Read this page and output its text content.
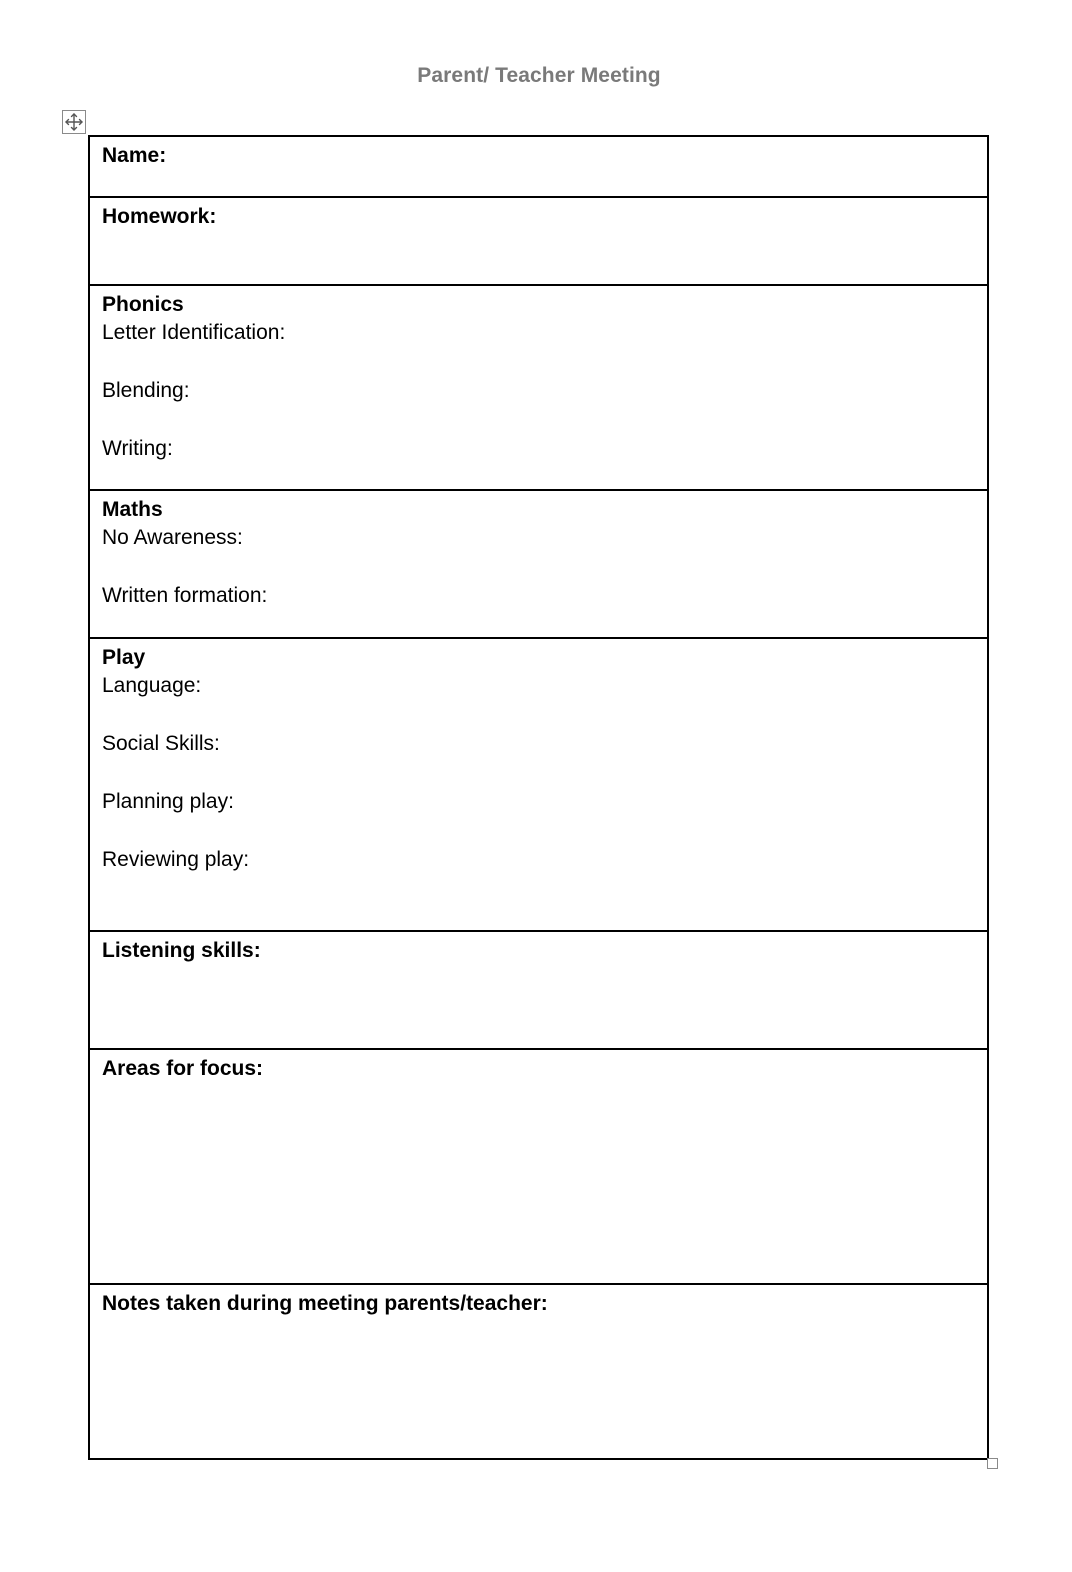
Parent/ Teacher Meeting
Name:
Homework:
Phonics
Letter Identification:
Blending:
Writing:
Maths
No Awareness:
Written formation:
Play
Language:
Social Skills:
Planning play:
Reviewing play:
Listening skills:
Areas for focus:
Notes taken during meeting parents/teacher:
